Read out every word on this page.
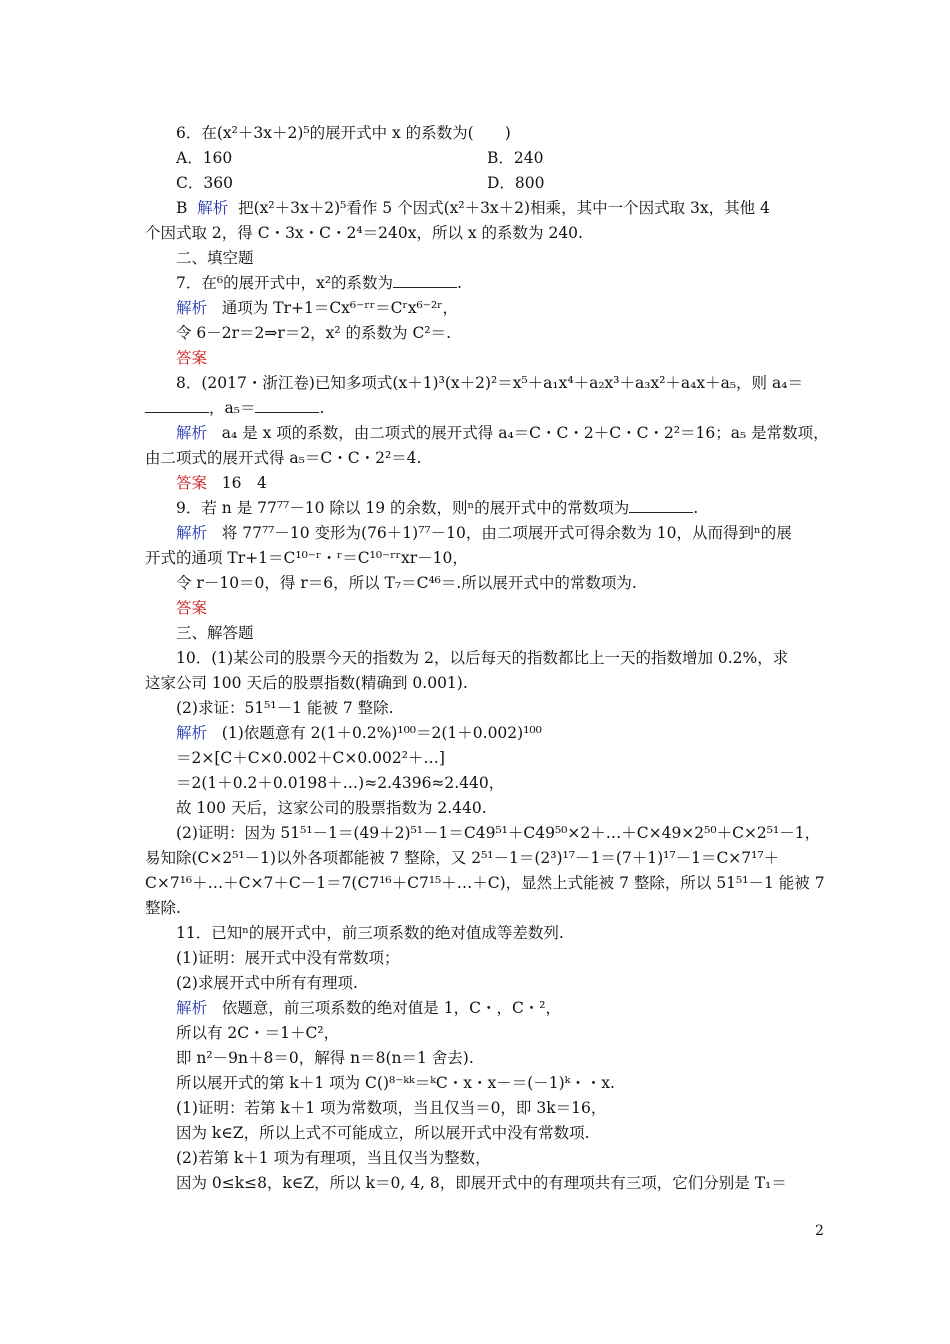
6．在(x²＋3x＋2)⁵的展开式中 x 的系数为(　　)
A．160	B．240
C．360	D．800
B 解析 把(x²＋3x＋2)⁵看作 5 个因式(x²＋3x＋2)相乘，其中一个因式取 3x，其他 4
个因式取 2，得 C・3x・C・2⁴＝240x，所以 x 的系数为 240.
二、填空题
7．在⁶的展开式中，x²的系数为	.
解析 通项为 Tr+1＝Cx⁶⁻ʳʳ＝Cʳx⁶⁻²ʳ，
令 6－2r＝2⇒r＝2，x² 的系数为 C²＝.
答案
8．(2017・浙江卷)已知多项式(x＋1)³(x＋2)²＝x⁵＋a₁x⁴＋a₂x³＋a₃x²＋a₄x＋a₅，则 a₄＝
，a₅＝	.
解析 a₄ 是 x 项的系数，由二项式的展开式得 a₄＝C・C・2＋C・C・2²＝16；a₅ 是常数项，
由二项式的展开式得 a₅＝C・C・2²＝4.
答案 16　4
9．若 n 是 77⁷⁷－10 除以 19 的余数，则ⁿ的展开式中的常数项为	.
解析 将 77⁷⁷－10 变形为(76＋1)⁷⁷－10，由二项展开式可得余数为 10，从而得到ⁿ的展
开式的通项 Tr+1＝C¹⁰⁻ʳ・ʳ＝C¹⁰⁻ʳʳxr－10，
令 r－10＝0，得 r＝6，所以 T₇＝C⁴⁶＝.所以展开式中的常数项为.
答案
三、解答题
10．(1)某公司的股票今天的指数为 2，以后每天的指数都比上一天的指数增加 0.2%，求
这家公司 100 天后的股票指数(精确到 0.001).
(2)求证：51⁵¹－1 能被 7 整除.
解析 (1)依题意有 2(1＋0.2%)¹⁰⁰＝2(1＋0.002)¹⁰⁰
＝2×[C＋C×0.002＋C×0.002²＋…]
＝2(1＋0.2＋0.0198＋…)≈2.4396≈2.440，
故 100 天后，这家公司的股票指数为 2.440.
(2)证明：因为 51⁵¹－1＝(49＋2)⁵¹－1＝C49⁵¹＋C49⁵⁰×2＋…＋C×49×2⁵⁰＋C×2⁵¹－1，
易知除(C×2⁵¹－1)以外各项都能被 7 整除，又 2⁵¹－1＝(2³)¹⁷－1＝(7＋1)¹⁷－1＝C×7¹⁷＋
C×7¹⁶＋…＋C×7＋C－1＝7(C7¹⁶＋C7¹⁵＋…＋C)，显然上式能被 7 整除，所以 51⁵¹－1 能被 7
整除.
11．已知ⁿ的展开式中，前三项系数的绝对值成等差数列.
(1)证明：展开式中没有常数项；
(2)求展开式中所有有理项.
解析 依题意，前三项系数的绝对值是 1，C・，C・²，
所以有 2C・＝1＋C²，
即 n²－9n＋8＝0，解得 n＝8(n＝1 舍去).
所以展开式的第 k＋1 项为 C()⁸⁻ᵏᵏ＝ᵏC・x・x－＝(－1)ᵏ・・x.
(1)证明：若第 k＋1 项为常数项，当且仅当＝0，即 3k＝16，
因为 k∈Z，所以上式不可能成立，所以展开式中没有常数项.
(2)若第 k＋1 项为有理项，当且仅当为整数，
因为 0≤k≤8，k∈Z，所以 k＝0, 4, 8，即展开式中的有理项共有三项，它们分别是 T₁＝
2
